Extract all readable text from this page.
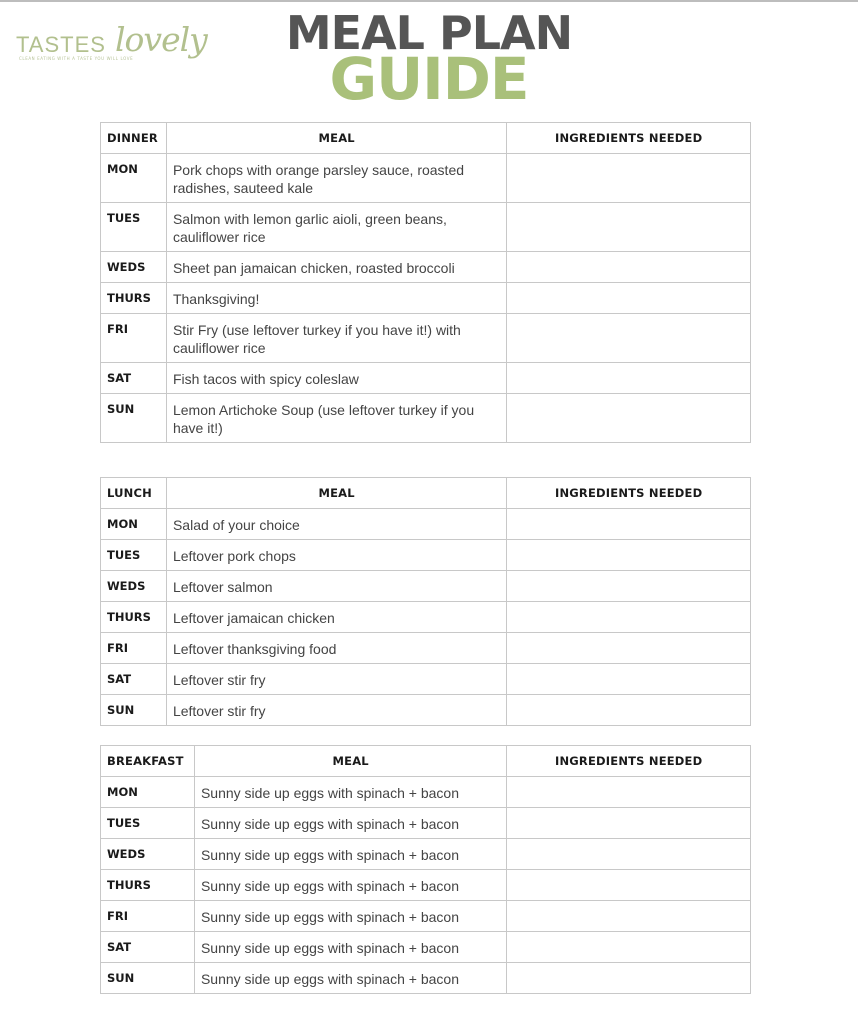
TASTES lovely
CLEAN EATING WITH A TASTE YOU WILL LOVE	MEAL PLAN
GUIDE
DINNER	MEAL	INGREDIENTS NEEDED
MON	Pork chops with orange parsley sauce, roasted radishes, sauteed kale	
TUES	Salmon with lemon garlic aioli, green beans, cauliflower rice	
WEDS	Sheet pan jamaican chicken, roasted broccoli	
THURS	Thanksgiving!	
FRI	Stir Fry (use leftover turkey if you have it!) with cauliflower rice	
SAT	Fish tacos with spicy coleslaw	
SUN	Lemon Artichoke Soup (use leftover turkey if you have it!)	
LUNCH	MEAL	INGREDIENTS NEEDED
MON	Salad of your choice	
TUES	Leftover pork chops	
WEDS	Leftover salmon	
THURS	Leftover jamaican chicken	
FRI	Leftover thanksgiving food	
SAT	Leftover stir fry	
SUN	Leftover stir fry	
BREAKFAST	MEAL	INGREDIENTS NEEDED
MON	Sunny side up eggs with spinach + bacon	
TUES	Sunny side up eggs with spinach + bacon	
WEDS	Sunny side up eggs with spinach + bacon	
THURS	Sunny side up eggs with spinach + bacon	
FRI	Sunny side up eggs with spinach + bacon	
SAT	Sunny side up eggs with spinach + bacon	
SUN	Sunny side up eggs with spinach + bacon	
